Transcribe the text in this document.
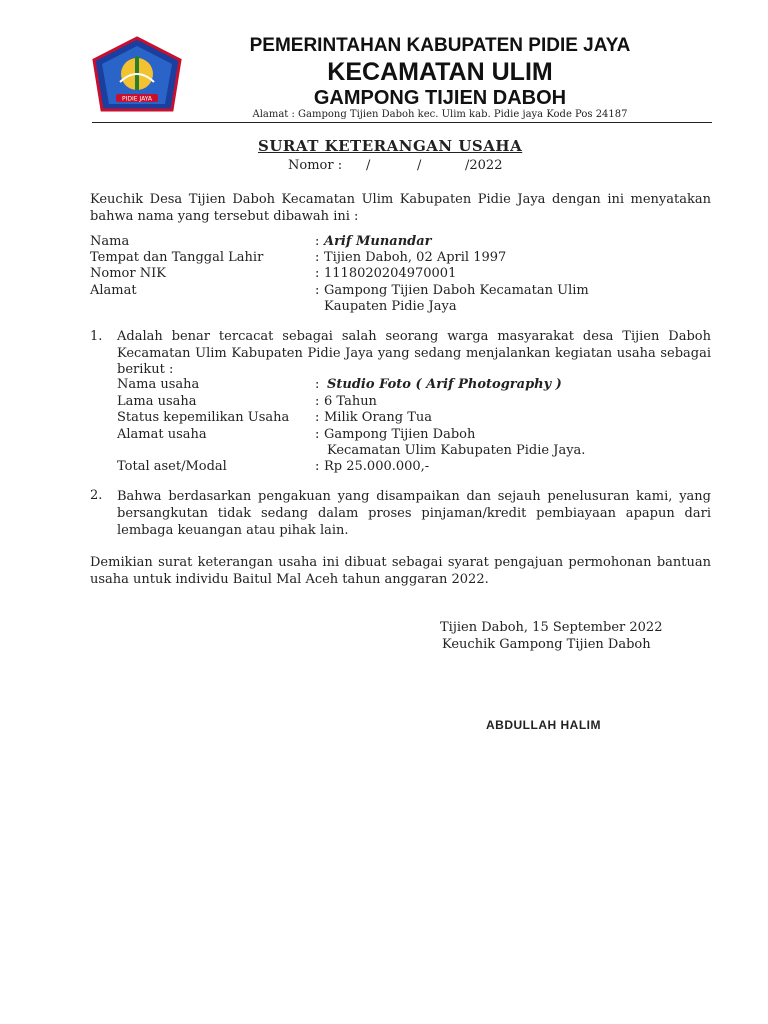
PIDIE JAYA
PEMERINTAHAN KABUPATEN PIDIE JAYA
KECAMATAN ULIM
GAMPONG TIJIEN DABOH
Alamat : Gampong Tijien Daboh kec. Ulim kab. Pidie jaya Kode Pos 24187
SURAT KETERANGAN USAHA
Nomor : /	/	/2022
Keuchik Desa Tijien Daboh Kecamatan Ulim Kabupaten Pidie Jaya dengan ini menyatakan bahwa nama yang tersebut dibawah ini :
Nama	: Arif Munandar
Tempat dan Tanggal Lahir	: Tijien Daboh, 02 April 1997
Nomor NIK	: 1118020204970001
Alamat	: Gampong Tijien Daboh Kecamatan Ulim
Kaupaten Pidie Jaya
1. Adalah benar tercacat sebagai salah seorang warga masyarakat desa Tijien Daboh Kecamatan Ulim Kabupaten Pidie Jaya yang sedang menjalankan kegiatan usaha sebagai berikut :
Nama usaha	: Studio Foto ( Arif Photography )
Lama usaha	: 6 Tahun
Status kepemilikan Usaha : Milik Orang Tua
Alamat usaha	: Gampong Tijien Daboh
Kecamatan Ulim Kabupaten Pidie Jaya.
Total aset/Modal	: Rp 25.000.000,-
2. Bahwa berdasarkan pengakuan yang disampaikan dan sejauh penelusuran kami, yang bersangkutan tidak sedang dalam proses pinjaman/kredit pembiayaan apapun dari lembaga keuangan atau pihak lain.
Demikian surat keterangan usaha ini dibuat sebagai syarat pengajuan permohonan bantuan usaha untuk individu Baitul Mal Aceh tahun anggaran 2022.
Tijien Daboh, 15 September 2022
Keuchik Gampong Tijien Daboh
ABDULLAH HALIM
